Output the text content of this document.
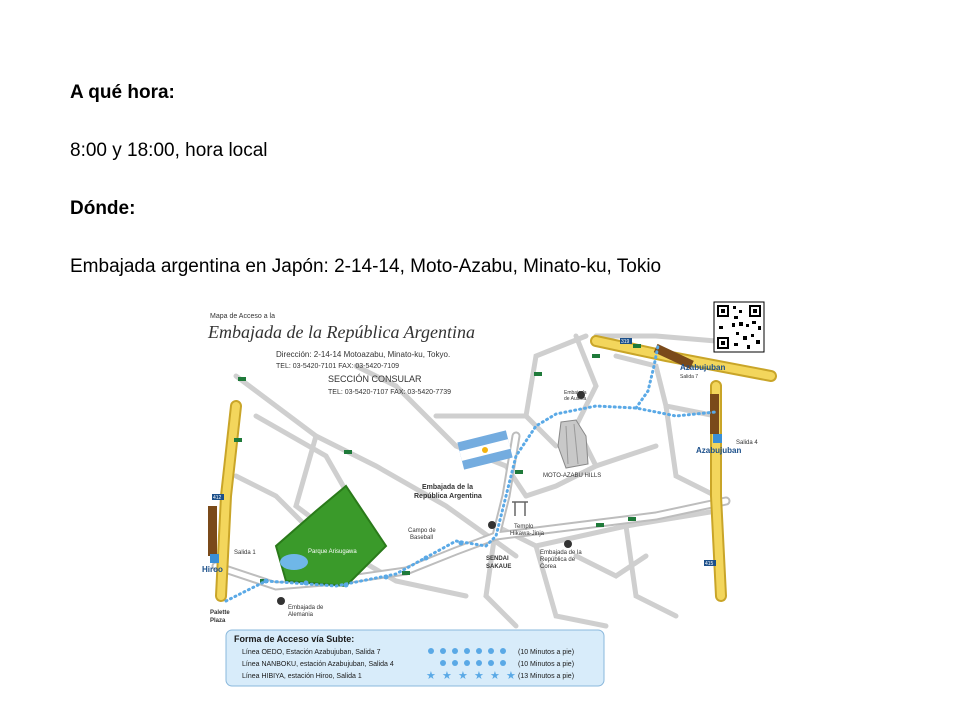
A qué hora:
8:00 y 18:00, hora local
Dónde:
Embajada argentina en Japón: 2-14-14, Moto-Azabu, Minato-ku, Tokio
Parque Arisugawa
MOTO-AZABU HILLS
Mapa de Acceso a la
Embajada de la República Argentina
Dirección: 2-14-14 Motoazabu, Minato-ku, Tokyo.
TEL: 03-5420-7101 FAX: 03-5420-7109
SECCIÓN CONSULAR
TEL: 03-5420-7107 FAX: 03-5420-7739
Embajada de la
República Argentina
Campo de
Baseball
Templo
Hikawa-Jinja
SENDAI
SAKAUE
Embajada de la
República de
Corea
Embajada de
Alemania
Embajada
de Austria
Azabujuban
Salida 7
Azabujuban
Salida 4
Hiroo
Salida 1
Palette
Plaza
412
415
319
Forma de Acceso vía Subte:
Línea OEDO, Estación Azabujuban, Salida 7	(10 Minutos a pie)
Línea NANBOKU, estación Azabujuban, Salida 4	(10 Minutos a pie)
Línea HIBIYA, estación Hiroo, Salida 1	(13 Minutos a pie)
★ ★ ★ ★ ★ ★
